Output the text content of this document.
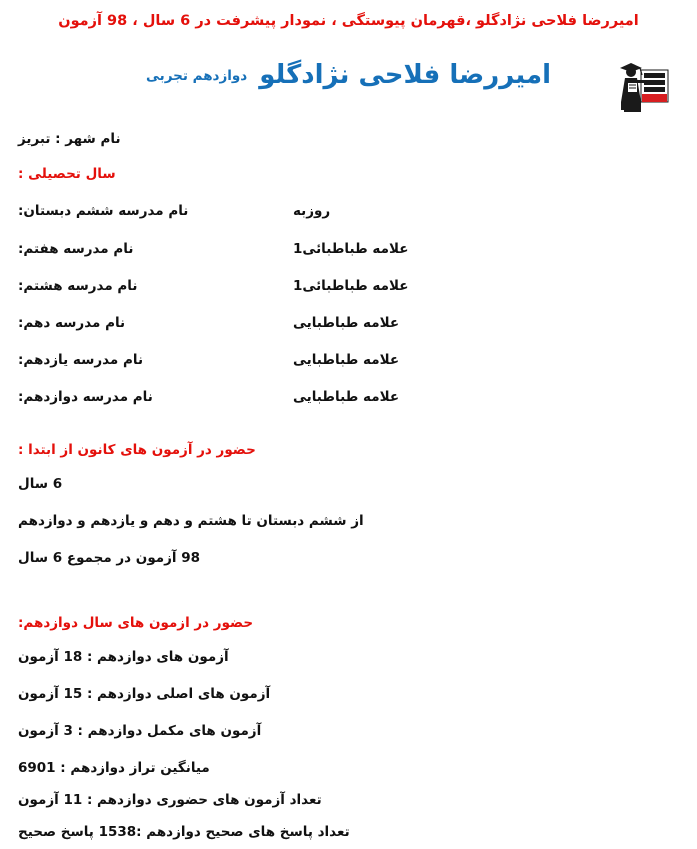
امیررضا فلاحی نژادگلو ،قهرمان پیوستگی ، نمودار پیشرفت در 6 سال ، 98 آزمون
امیررضا فلاحی نژادگلودوازدهم تجربی
نام شهر : تبریز
سال تحصیلی :
نام مدرسه ششم دبستان:	روزبه
نام مدرسه هفتم:	علامه طباطبائی1
نام مدرسه هشتم:	علامه طباطبائی1
نام مدرسه دهم:	علامه طباطبایی
نام مدرسه یازدهم:	علامه طباطبایی
نام مدرسه دوازدهم:	علامه طباطبایی
حضور در آزمون های کانون از ابتدا :
6 سال
از ششم دبستان تا هشتم و دهم و یازدهم و دوازدهم
98 آزمون در مجموع 6 سال
حضور در ازمون های سال دوازدهم:
آزمون های دوازدهم : 18 آزمون
آزمون های اصلی دوازدهم : 15 آزمون
آزمون های مکمل دوازدهم : 3 آزمون
میانگین تراز دوازدهم : 6901
تعداد آزمون های حضوری دوازدهم : 11 آزمون
تعداد پاسخ های صحیح دوازدهم :1538 پاسخ صحیح
